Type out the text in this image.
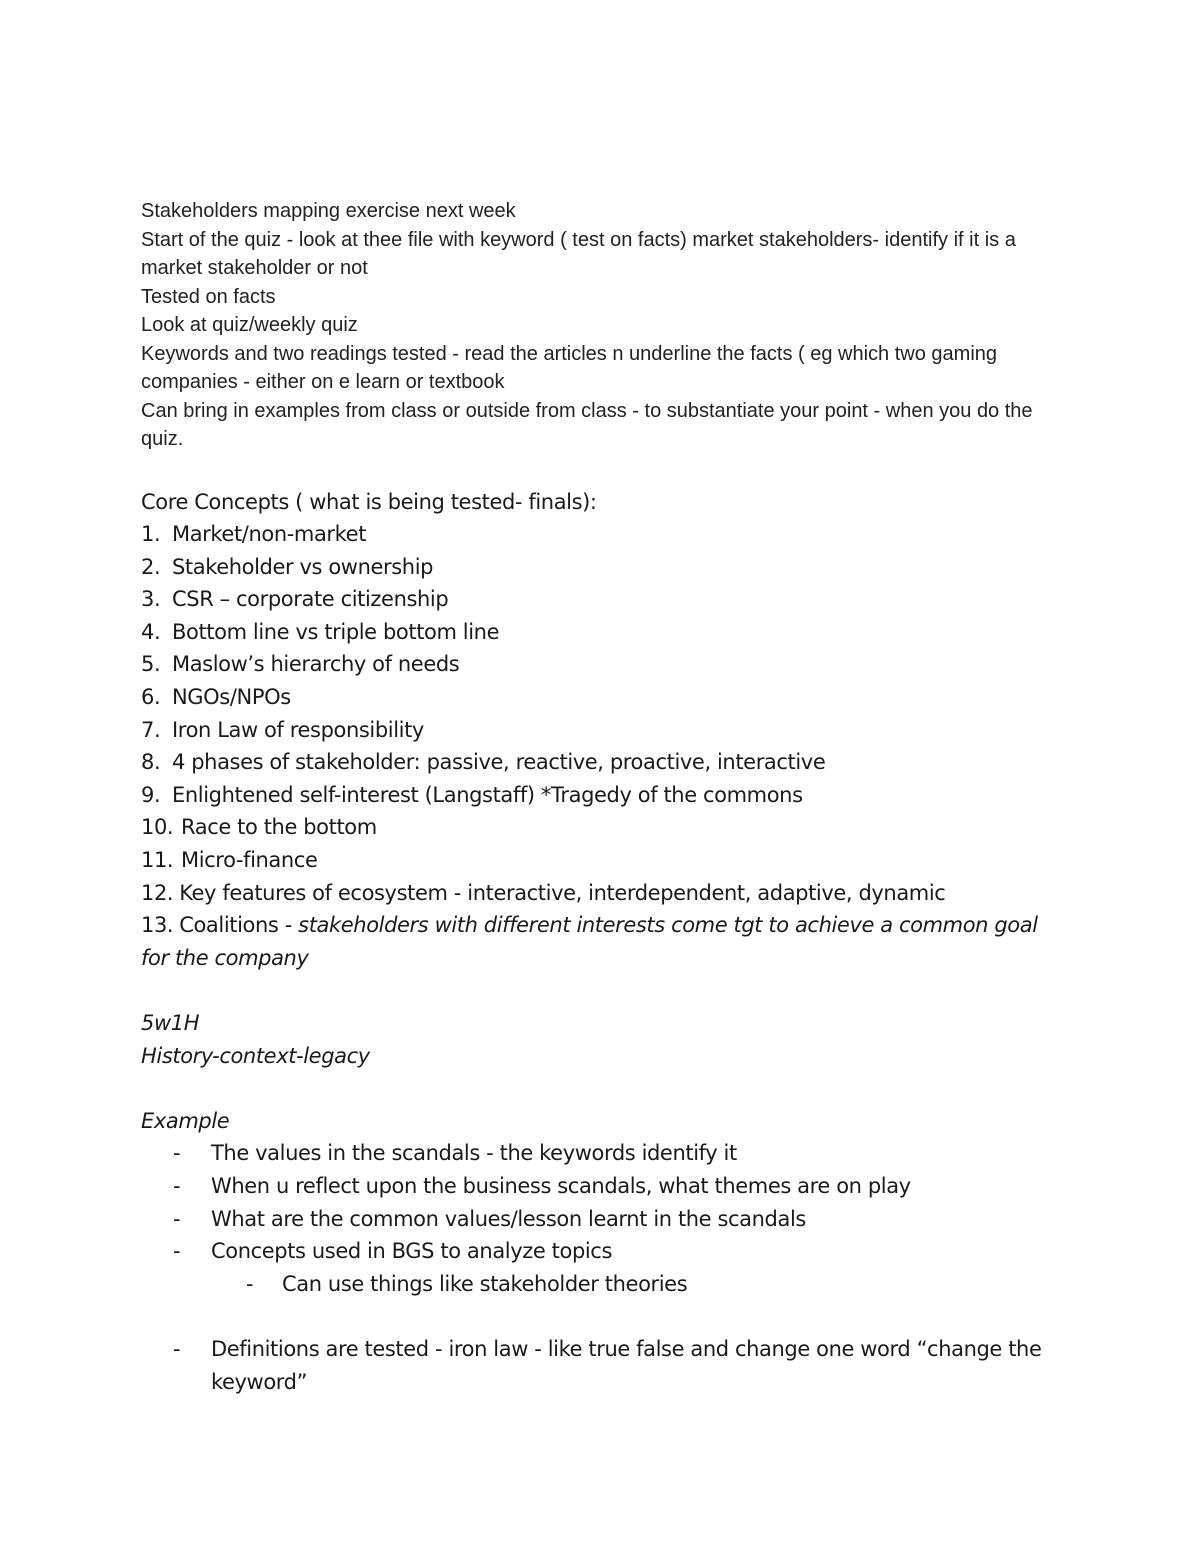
Stakeholders mapping exercise next week

Start of the quiz - look at thee file with keyword ( test on facts) market stakeholders- identify if it is a market stakeholder or not

Tested on facts

Look at quiz/weekly quiz

Keywords and two readings tested - read the articles n underline the facts ( eg which two gaming companies - either on e learn or textbook

Can bring in examples from class or outside from class - to substantiate your point - when you do the quiz.

Core Concepts ( what is being tested- finals):

1. Market/non-market
2. Stakeholder vs ownership
3. CSR – corporate citizenship
4. Bottom line vs triple bottom line
5. Maslow’s hierarchy of needs
6. NGOs/NPOs
7. Iron Law of responsibility
8. 4 phases of stakeholder: passive, reactive, proactive, interactive
9. Enlightened self-interest (Langstaff) *Tragedy of the commons
10. Race to the bottom
11. Micro-finance
12. Key features of ecosystem - interactive, interdependent, adaptive, dynamic
13. Coalitions - stakeholders with different interests come tgt to achieve a common goal for the company

5w1H

History-context-legacy

Example

- The values in the scandals - the keywords identify it
- When u reflect upon the business scandals, what themes are on play
- What are the common values/lesson learnt in the scandals
- Concepts used in BGS to analyze topics
- Can use things like stakeholder theories
- Definitions are tested - iron law - like true false and change one word “change the keyword”
